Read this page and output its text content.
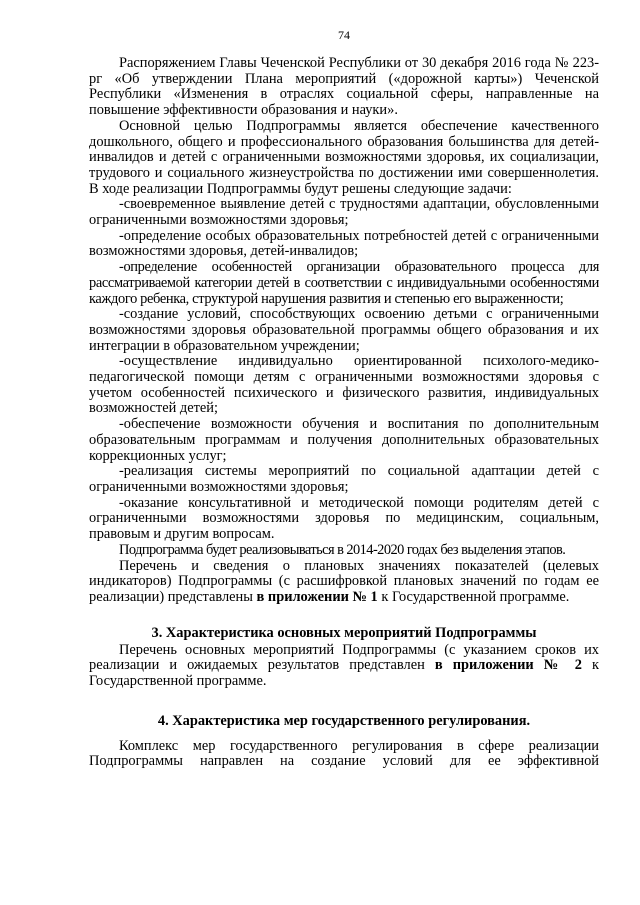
74

Распоряжением Главы Чеченской Республики от 30 декабря 2016 года № 223-рг «Об утверждении Плана мероприятий («дорожной карты») Чеченской Республики «Изменения в отраслях социальной сферы, направленные на повышение эффективности образования и науки».

Основной целью Подпрограммы является обеспечение качественного дошкольного, общего и профессионального образования большинства для детей-инвалидов и детей с ограниченными возможностями здоровья, их социализации, трудового и социального жизнеустройства по достижении ими совершеннолетия. В ходе реализации Подпрограммы будут решены следующие задачи:

-своевременное выявление детей с трудностями адаптации, обусловленными ограниченными возможностями здоровья;

-определение особых образовательных потребностей детей с ограниченными возможностями здоровья, детей-инвалидов;

-определение особенностей организации образовательного процесса для рассматриваемой категории детей в соответствии с индивидуальными особенностями каждого ребенка, структурой нарушения развития и степенью его выраженности;

-создание условий, способствующих освоению детьми с ограниченными возможностями здоровья образовательной программы общего образования и их интеграции в образовательном учреждении;

-осуществление индивидуально ориентированной психолого-медико-педагогической помощи детям с ограниченными возможностями здоровья с учетом особенностей психического и физического развития, индивидуальных возможностей детей;

-обеспечение возможности обучения и воспитания по дополнительным образовательным программам и получения дополнительных образовательных коррекционных услуг;

-реализация системы мероприятий по социальной адаптации детей с ограниченными возможностями здоровья;

-оказание консультативной и методической помощи родителям детей с ограниченными возможностями здоровья по медицинским, социальным, правовым и другим вопросам.

Подпрограмма будет реализовываться в 2014-2020 годах без выделения этапов.

Перечень и сведения о плановых значениях показателей (целевых индикаторов) Подпрограммы (с расшифровкой плановых значений по годам ее реализации) представлены в приложении № 1 к Государственной программе.

3. Характеристика основных мероприятий Подпрограммы

Перечень основных мероприятий Подпрограммы (с указанием сроков их реализации и ожидаемых результатов представлен в приложении № 2 к Государственной программе.

4. Характеристика мер государственного регулирования.

Комплекс мер государственного регулирования в сфере реализации Подпрограммы направлен на создание условий для ее эффективной
